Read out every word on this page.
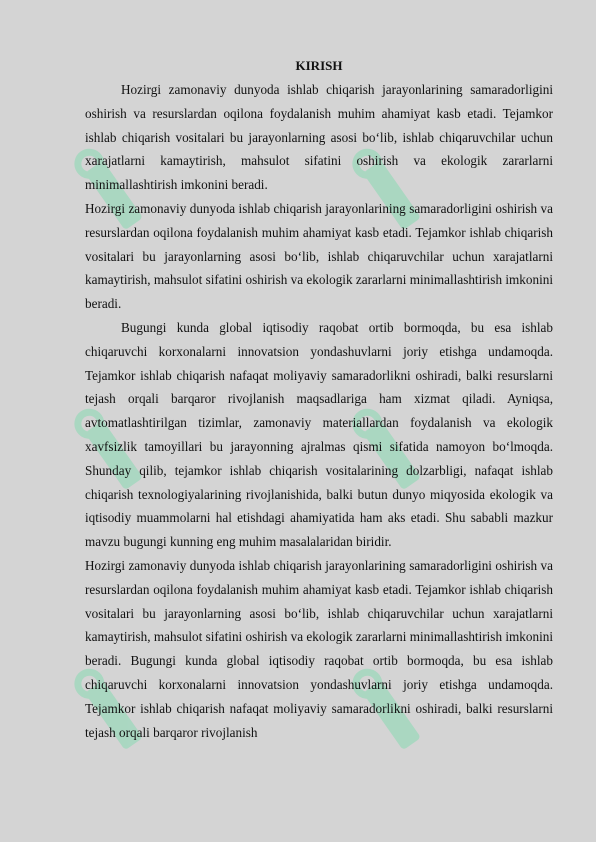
KIRISH

Hozirgi zamonaviy dunyoda ishlab chiqarish jarayonlarining samaradorligini oshirish va resurslardan oqilona foydalanish muhim ahamiyat kasb etadi. Tejamkor ishlab chiqarish vositalari bu jarayonlarning asosi bo‘lib, ishlab chiqaruvchilar uchun xarajatlarni kamaytirish, mahsulot sifatini oshirish va ekologik zararlarni minimallashtirish imkonini beradi.

Hozirgi zamonaviy dunyoda ishlab chiqarish jarayonlarining samaradorligini oshirish va resurslardan oqilona foydalanish muhim ahamiyat kasb etadi. Tejamkor ishlab chiqarish vositalari bu jarayonlarning asosi bo‘lib, ishlab chiqaruvchilar uchun xarajatlarni kamaytirish, mahsulot sifatini oshirish va ekologik zararlarni minimallashtirish imkonini beradi.

Bugungi kunda global iqtisodiy raqobat ortib bormoqda, bu esa ishlab chiqaruvchi korxonalarni innovatsion yondashuvlarni joriy etishga undamoqda. Tejamkor ishlab chiqarish nafaqat moliyaviy samaradorlikni oshiradi, balki resurslarni tejash orqali barqaror rivojlanish maqsadlariga ham xizmat qiladi. Ayniqsa, avtomatlashtirilgan tizimlar, zamonaviy materiallardan foydalanish va ekologik xavfsizlik tamoyillari bu jarayonning ajralmas qismi sifatida namoyon bo‘lmoqda. Shunday qilib, tejamkor ishlab chiqarish vositalarining dolzarbligi, nafaqat ishlab chiqarish texnologiyalarining rivojlanishida, balki butun dunyo miqyosida ekologik va iqtisodiy muammolarni hal etishdagi ahamiyatida ham aks etadi. Shu sababli mazkur mavzu bugungi kunning eng muhim masalalaridan biridir.

Hozirgi zamonaviy dunyoda ishlab chiqarish jarayonlarining samaradorligini oshirish va resurslardan oqilona foydalanish muhim ahamiyat kasb etadi. Tejamkor ishlab chiqarish vositalari bu jarayonlarning asosi bo‘lib, ishlab chiqaruvchilar uchun xarajatlarni kamaytirish, mahsulot sifatini oshirish va ekologik zararlarni minimallashtirish imkonini beradi. Bugungi kunda global iqtisodiy raqobat ortib bormoqda, bu esa ishlab chiqaruvchi korxonalarni innovatsion yondashuvlarni joriy etishga undamoqda. Tejamkor ishlab chiqarish nafaqat moliyaviy samaradorlikni oshiradi, balki resurslarni tejash orqali barqaror rivojlanish
